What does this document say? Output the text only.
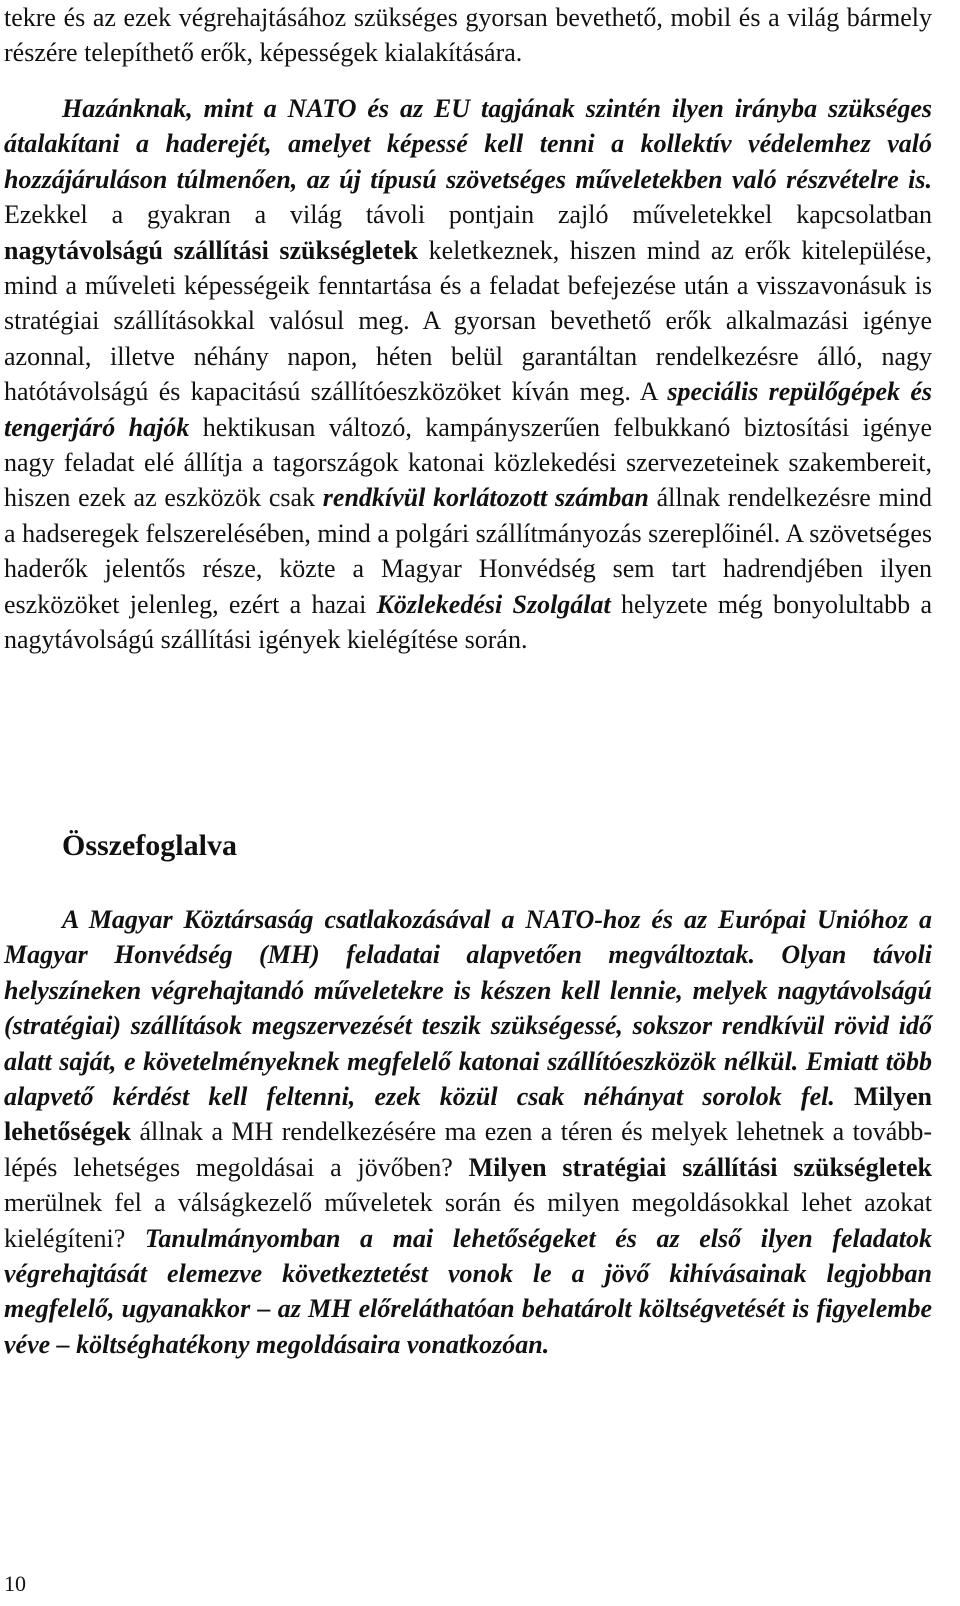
tekre és az ezek végrehajtásához szükséges gyorsan bevethető, mobil és a világ bármely részére telepíthető erők, képességek kialakítására.

Hazánknak, mint a NATO és az EU tagjának szintén ilyen irányba szükséges átalakítani a haderejét, amelyet képessé kell tenni a kollektív védelemhez való hozzájáruláson túlmenően, az új típusú szövetséges műveletekben való részvételre is. Ezekkel a gyakran a világ távoli pontjain zajló műveletekkel kapcsolatban nagytávolságú szállítási szükségletek keletkeznek, hiszen mind az erők kitelepülése, mind a műveleti képességeik fenntartása és a feladat befejezése után a visszavonásuk is stratégiai szállításokkal valósul meg. A gyorsan bevethető erők alkalmazási igénye azonnal, illetve néhány napon, héten belül garantáltan rendelkezésre álló, nagy hatótávolságú és kapacitású szállítóeszközöket kíván meg. A speciális repülőgépek és tengerjáró hajók hektikusan változó, kampányszerűen felbukkanó biztosítási igénye nagy feladat elé állítja a tagországok katonai közlekedési szervezeteinek szakembereit, hiszen ezek az eszközök csak rendkívül korlátozott számban állnak rendelkezésre mind a hadseregek felszerelésében, mind a polgári szállítmányozás szereplőinél. A szövetséges haderők jelentős része, közte a Magyar Honvédség sem tart hadrendjében ilyen eszközöket jelenleg, ezért a hazai Közlekedési Szolgálat helyzete még bonyolultabb a nagytávolságú szállítási igények kielégítése során.

Összefoglalva

A Magyar Köztársaság csatlakozásával a NATO-hoz és az Európai Unióhoz a Magyar Honvédség (MH) feladatai alapvetően megváltoztak. Olyan távoli helyszíneken végrehajtandó műveletekre is készen kell lennie, melyek nagytávolságú (stratégiai) szállítások megszervezését teszik szükségessé, sokszor rendkívül rövid idő alatt saját, e követelményeknek megfelelő katonai szállítóeszközök nélkül. Emiatt több alapvető kérdést kell feltenni, ezek közül csak néhányat sorolok fel. Milyen lehetőségek állnak a MH rendelkezésére ma ezen a téren és melyek lehetnek a továbblépés lehetséges megoldásai a jövőben? Milyen stratégiai szállítási szükségletek merülnek fel a válságkezelő műveletek során és milyen megoldásokkal lehet azokat kielégíteni? Tanulmányomban a mai lehetőségeket és az első ilyen feladatok végrehajtását elemezve következtetést vonok le a jövő kihívásainak legjobban megfelelő, ugyanakkor – az MH előreláthatóan behatárolt költségvetését is figyelembe véve – költséghatékony megoldásaira vonatkozóan.

10
